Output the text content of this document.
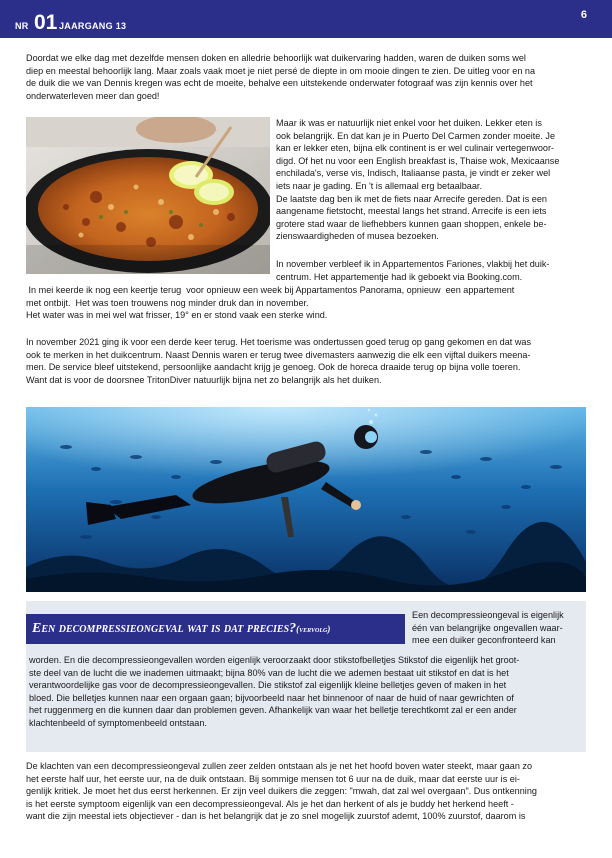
NR 01 JAARGANG 13
6

Doordat we elke dag met dezelfde mensen doken en alledrie behoorlijk wat duikervaring hadden, waren de duiken soms wel

diep en meestal behoorlijk lang. Maar zoals vaak moet je niet persé de diepte in om mooie dingen te zien. De uitleg voor en na

de duik die we van Dennis kregen was echt de moeite, behalve een uitstekende onderwater fotograaf was zijn kennis over het

onderwaterleven meer dan goed!

Maar ik was er natuurlijk niet enkel voor het duiken. Lekker eten is

ook belangrijk. En dat kan je in Puerto Del Carmen zonder moeite. Je

kan er lekker eten, bijna elk continent is er wel culinair vertegenwoor-

digd. Of het nu voor een English breakfast is, Thaise wok, Mexicaanse

enchilada's, verse vis, Indisch, Italiaanse pasta, je vindt er zeker wel

iets naar je gading. En 't is allemaal erg betaalbaar.

De laatste dag ben ik met de fiets naar Arrecife gereden. Dat is een

aangename fietstocht, meestal langs het strand. Arrecife is een iets

grotere stad waar de liefhebbers kunnen gaan shoppen, enkele be-

zienswaardigheden of musea bezoeken.

In november verbleef ik in Appartementos Fariones, vlakbij het duik-

centrum. Het appartementje had ik geboekt via Booking.com.

In mei keerde ik nog een keertje terug  voor opnieuw een week bij Appartamentos Panorama, opnieuw  een appartement

met ontbijt.  Het was toen trouwens nog minder druk dan in november.

Het water was in mei wel wat frisser, 19° en er stond vaak een sterke wind.

In november 2021 ging ik voor een derde keer terug. Het toerisme was ondertussen goed terug op gang gekomen en dat was

ook te merken in het duikcentrum. Naast Dennis waren er terug twee divemasters aanwezig die elk een vijftal duikers meena-

men. De service bleef uitstekend, persoonlijke aandacht krijg je genoeg. Ook de horeca draaide terug op bijna volle toeren.

Want dat is voor de doorsnee TritonDiver natuurlijk bijna net zo belangrijk als het duiken.

Een decompressieongeval wat is dat precies?(vervolg)

Een decompressieongeval is eigenlijk

één van belangrijke ongevallen waar-

mee een duiker geconfronteerd kan

worden. En die decompressieongevallen worden eigenlijk veroorzaakt door stikstofbelletjes Stikstof die eigenlijk het groot-

ste deel van de lucht die we inademen uitmaakt; bijna 80% van de lucht die we ademen bestaat uit stikstof en dat is het

verantwoordelijke gas voor de decompressieongevallen. Die stikstof zal eigenlijk kleine belletjes geven of maken in het

bloed. Die belletjes kunnen naar een orgaan gaan; bijvoorbeeld naar het binnenoor of naar de huid of naar gewrichten of

het ruggenmerg en die kunnen daar dan problemen geven. Afhankelijk van waar het belletje terechtkomt zal er een ander

klachtenbeeld of symptomenbeeld ontstaan.

De klachten van een decompressieongeval zullen zeer zelden ontstaan als je net het hoofd boven water steekt, maar gaan zo

het eerste half uur, het eerste uur, na de duik ontstaan. Bij sommige mensen tot 6 uur na de duik, maar dat eerste uur is ei-

genlijk kritiek. Je moet het dus eerst herkennen. Er zijn veel duikers die zeggen: "mwah, dat zal wel overgaan". Dus ontkenning

is het eerste symptoom eigenlijk van een decompressieongeval. Als je het dan herkent of als je buddy het herkend heeft -

want die zijn meestal iets objectiever - dan is het belangrijk dat je zo snel mogelijk zuurstof ademt, 100% zuurstof, daarom is
